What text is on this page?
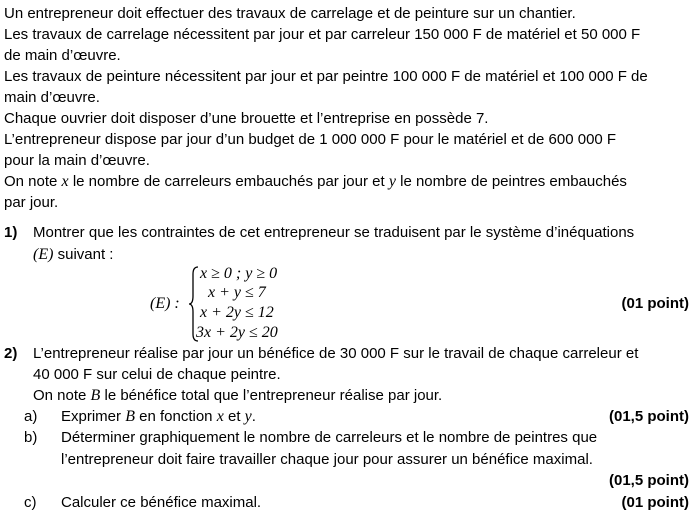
Un entrepreneur doit effectuer des travaux de carrelage et de peinture sur un chantier.
Les travaux de carrelage nécessitent par jour et par carreleur 150 000 F de matériel et 50 000 F
de main d’œuvre.
Les travaux de peinture nécessitent par jour et par peintre 100 000 F de matériel et 100 000 F de
main d’œuvre.
Chaque ouvrier doit disposer d’une brouette et l’entreprise en possède 7.
L’entrepreneur dispose par jour d’un budget de 1 000 000 F pour le matériel et de 600 000 F
pour la main d’œuvre.
On note x le nombre de carreleurs embauchés par jour et y le nombre de peintres embauchés
par jour.
1) Montrer que les contraintes de cet entrepreneur se traduisent par le système d’inéquations
(E) suivant :
(E) :
x ≥ 0 ; y ≥ 0
x + y ≤ 7
x + 2y ≤ 12
3x + 2y ≤ 20
(01 point)
2) L’entrepreneur réalise par jour un bénéfice de 30 000 F sur le travail de chaque carreleur et
40 000 F sur celui de chaque peintre.
On note B le bénéfice total que l’entrepreneur réalise par jour.
a) Exprimer B en fonction x et y.	(01,5 point)
b) Déterminer graphiquement le nombre de carreleurs et le nombre de peintres que
l’entrepreneur doit faire travailler chaque jour pour assurer un bénéfice maximal.
(01,5 point)
c) Calculer ce bénéfice maximal.	(01 point)
